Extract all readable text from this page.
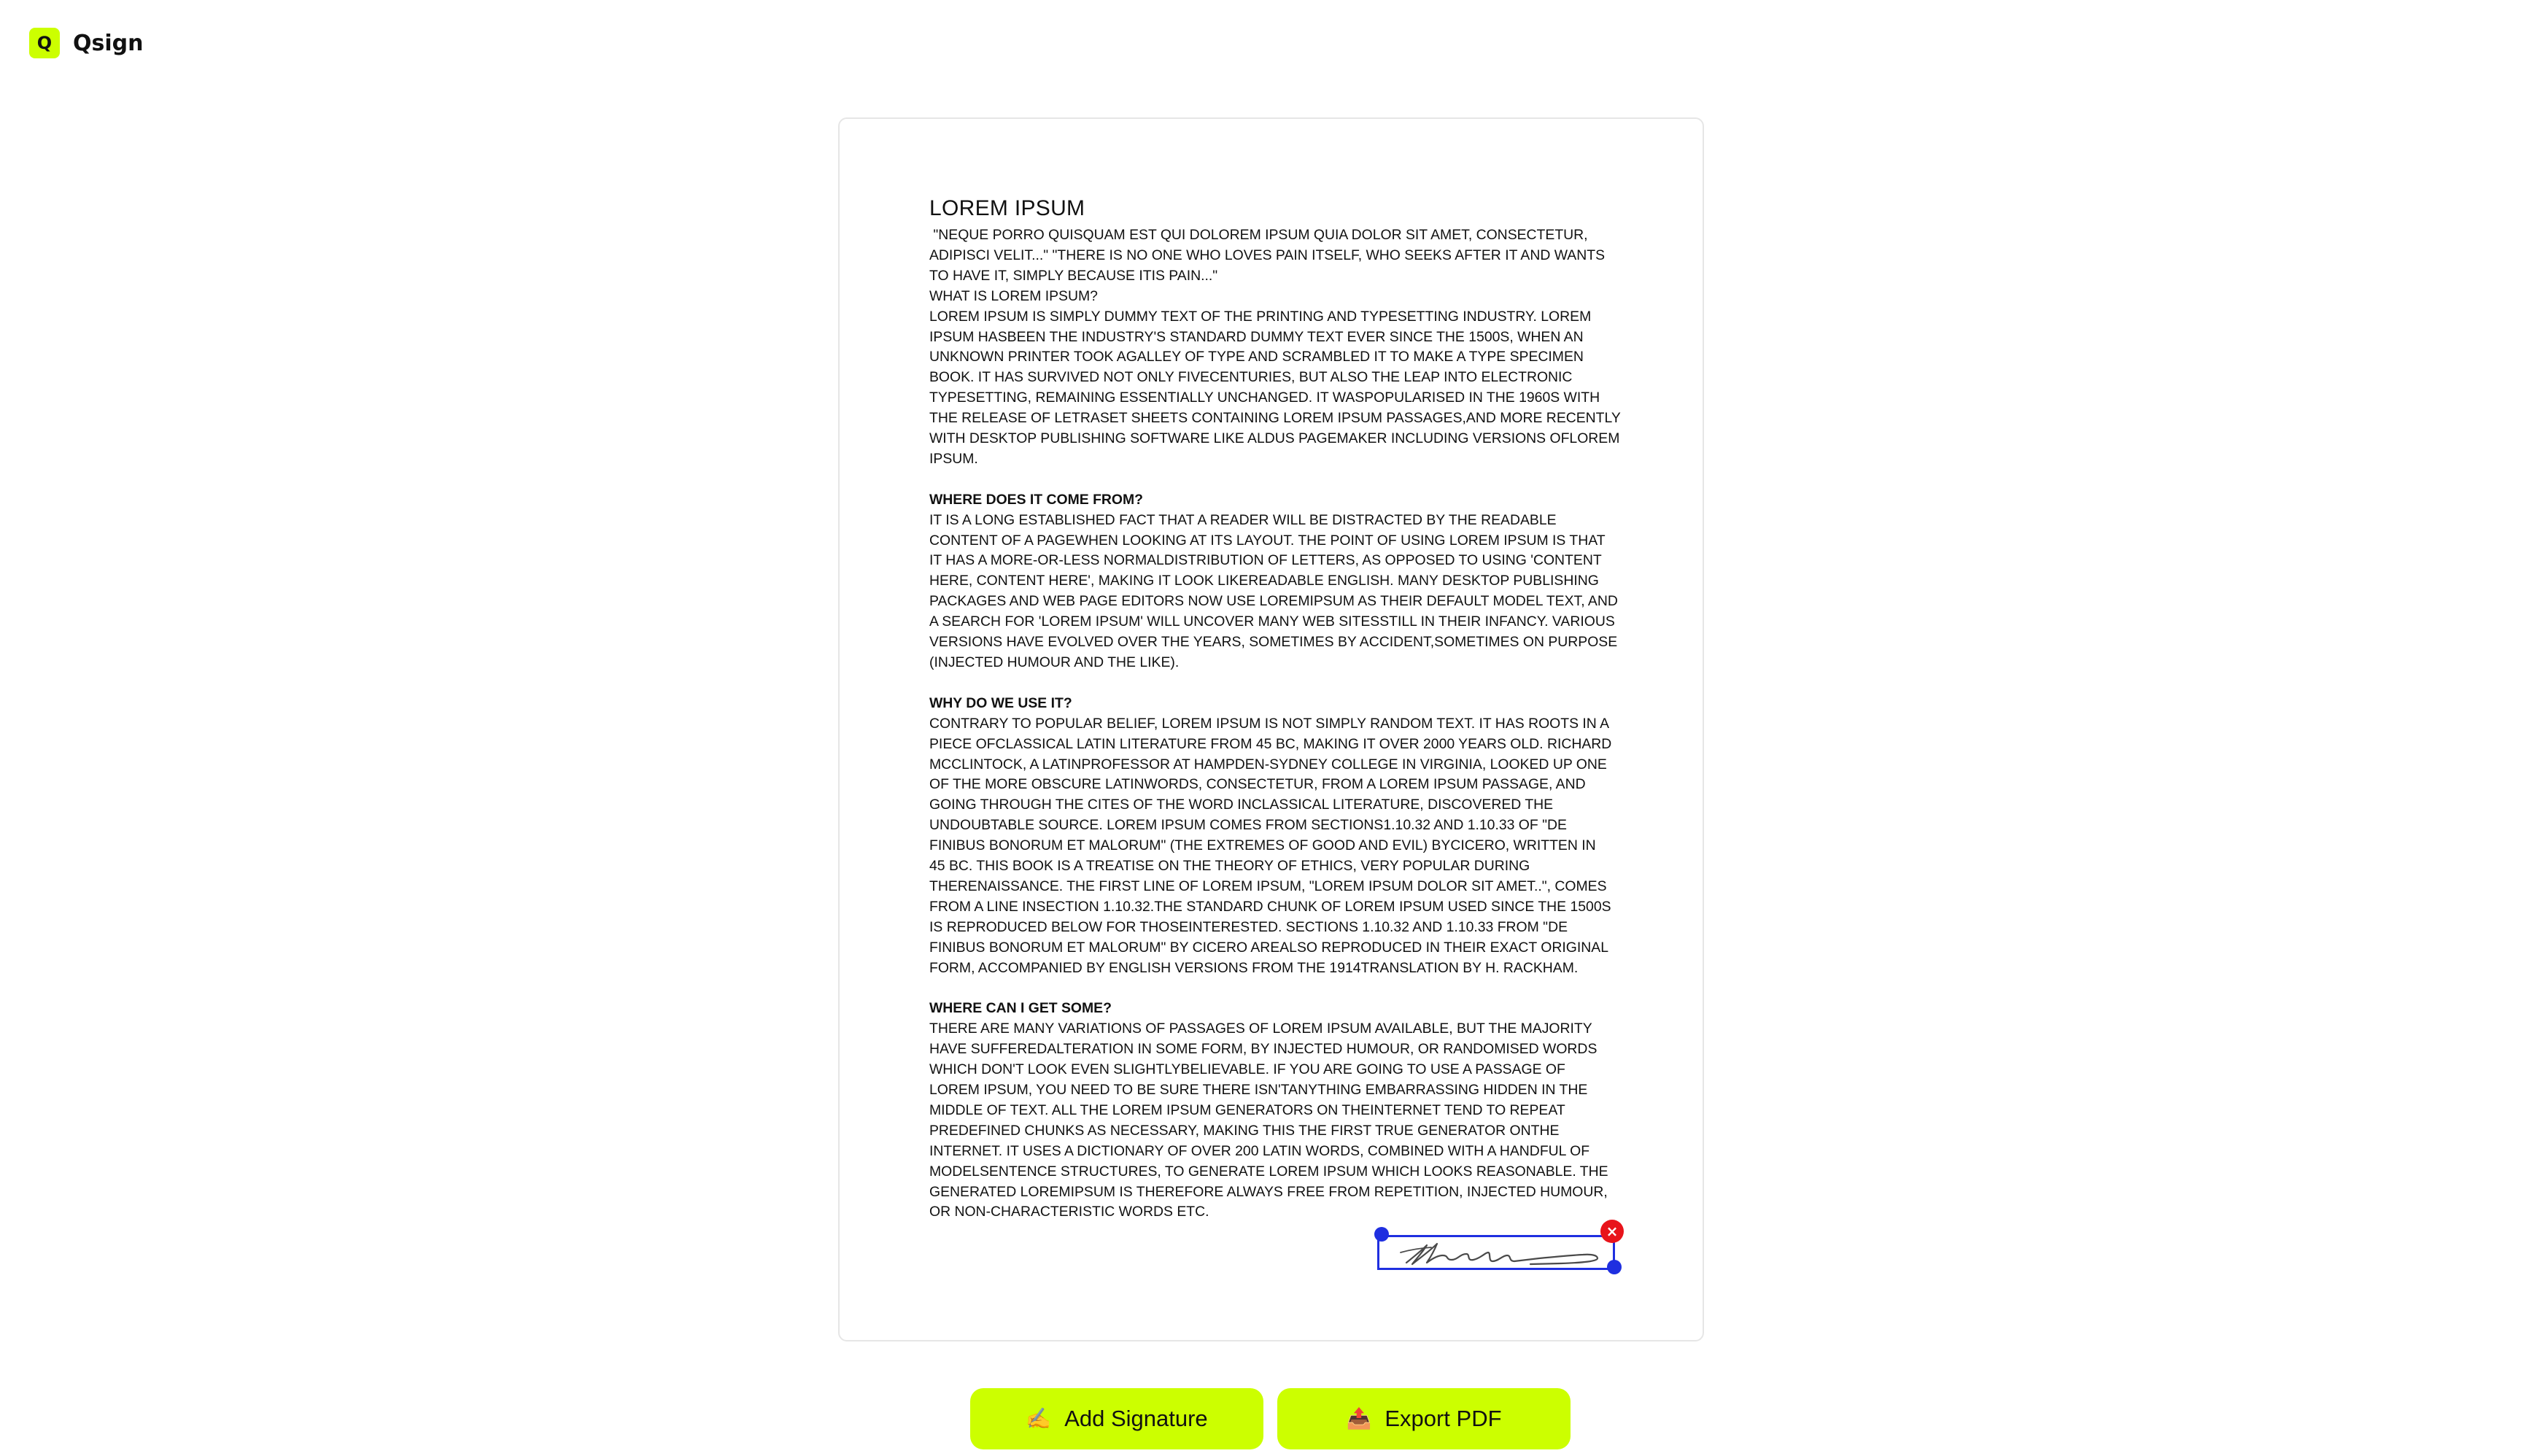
Q Qsign
LOREM IPSUM

"NEQUE PORRO QUISQUAM EST QUI DOLOREM IPSUM QUIA DOLOR SIT AMET, CONSECTETUR,
ADIPISCI VELIT..." "THERE IS NO ONE WHO LOVES PAIN ITSELF, WHO SEEKS AFTER IT AND WANTS
TO HAVE IT, SIMPLY BECAUSE ITIS PAIN..."
WHAT IS LOREM IPSUM?
LOREM IPSUM IS SIMPLY DUMMY TEXT OF THE PRINTING AND TYPESETTING INDUSTRY. LOREM
IPSUM HASBEEN THE INDUSTRY'S STANDARD DUMMY TEXT EVER SINCE THE 1500S, WHEN AN
UNKNOWN PRINTER TOOK AGALLEY OF TYPE AND SCRAMBLED IT TO MAKE A TYPE SPECIMEN
BOOK. IT HAS SURVIVED NOT ONLY FIVECENTURIES, BUT ALSO THE LEAP INTO ELECTRONIC
TYPESETTING, REMAINING ESSENTIALLY UNCHANGED. IT WASPOPULARISED IN THE 1960S WITH
THE RELEASE OF LETRASET SHEETS CONTAINING LOREM IPSUM PASSAGES,AND MORE RECENTLY
WITH DESKTOP PUBLISHING SOFTWARE LIKE ALDUS PAGEMAKER INCLUDING VERSIONS OFLOREM
IPSUM.

WHERE DOES IT COME FROM?

IT IS A LONG ESTABLISHED FACT THAT A READER WILL BE DISTRACTED BY THE READABLE
CONTENT OF A PAGEWHEN LOOKING AT ITS LAYOUT. THE POINT OF USING LOREM IPSUM IS THAT
IT HAS A MORE-OR-LESS NORMALDISTRIBUTION OF LETTERS, AS OPPOSED TO USING 'CONTENT
HERE, CONTENT HERE', MAKING IT LOOK LIKEREADABLE ENGLISH. MANY DESKTOP PUBLISHING
PACKAGES AND WEB PAGE EDITORS NOW USE LOREMIPSUM AS THEIR DEFAULT MODEL TEXT, AND
A SEARCH FOR 'LOREM IPSUM' WILL UNCOVER MANY WEB SITESSTILL IN THEIR INFANCY. VARIOUS
VERSIONS HAVE EVOLVED OVER THE YEARS, SOMETIMES BY ACCIDENT,SOMETIMES ON PURPOSE
(INJECTED HUMOUR AND THE LIKE).

WHY DO WE USE IT?

CONTRARY TO POPULAR BELIEF, LOREM IPSUM IS NOT SIMPLY RANDOM TEXT. IT HAS ROOTS IN A
PIECE OFCLASSICAL LATIN LITERATURE FROM 45 BC, MAKING IT OVER 2000 YEARS OLD. RICHARD
MCCLINTOCK, A LATINPROFESSOR AT HAMPDEN-SYDNEY COLLEGE IN VIRGINIA, LOOKED UP ONE
OF THE MORE OBSCURE LATINWORDS, CONSECTETUR, FROM A LOREM IPSUM PASSAGE, AND
GOING THROUGH THE CITES OF THE WORD INCLASSICAL LITERATURE, DISCOVERED THE
UNDOUBTABLE SOURCE. LOREM IPSUM COMES FROM SECTIONS1.10.32 AND 1.10.33 OF "DE
FINIBUS BONORUM ET MALORUM" (THE EXTREMES OF GOOD AND EVIL) BYCICERO, WRITTEN IN
45 BC. THIS BOOK IS A TREATISE ON THE THEORY OF ETHICS, VERY POPULAR DURING
THERENAISSANCE. THE FIRST LINE OF LOREM IPSUM, "LOREM IPSUM DOLOR SIT AMET..", COMES
FROM A LINE INSECTION 1.10.32.THE STANDARD CHUNK OF LOREM IPSUM USED SINCE THE 1500S
IS REPRODUCED BELOW FOR THOSEINTERESTED. SECTIONS 1.10.32 AND 1.10.33 FROM "DE
FINIBUS BONORUM ET MALORUM" BY CICERO AREALSO REPRODUCED IN THEIR EXACT ORIGINAL
FORM, ACCOMPANIED BY ENGLISH VERSIONS FROM THE 1914TRANSLATION BY H. RACKHAM.

WHERE CAN I GET SOME?

THERE ARE MANY VARIATIONS OF PASSAGES OF LOREM IPSUM AVAILABLE, BUT THE MAJORITY
HAVE SUFFEREDALTERATION IN SOME FORM, BY INJECTED HUMOUR, OR RANDOMISED WORDS
WHICH DON'T LOOK EVEN SLIGHTLYBELIEVABLE. IF YOU ARE GOING TO USE A PASSAGE OF
LOREM IPSUM, YOU NEED TO BE SURE THERE ISN'TANYTHING EMBARRASSING HIDDEN IN THE
MIDDLE OF TEXT. ALL THE LOREM IPSUM GENERATORS ON THEINTERNET TEND TO REPEAT
PREDEFINED CHUNKS AS NECESSARY, MAKING THIS THE FIRST TRUE GENERATOR ONTHE
INTERNET. IT USES A DICTIONARY OF OVER 200 LATIN WORDS, COMBINED WITH A HANDFUL OF
MODELSENTENCE STRUCTURES, TO GENERATE LOREM IPSUM WHICH LOOKS REASONABLE. THE
GENERATED LOREMIPSUM IS THEREFORE ALWAYS FREE FROM REPETITION, INJECTED HUMOUR,
OR NON-CHARACTERISTIC WORDS ETC.

×
✍️ Add Signature	📤 Export PDF
